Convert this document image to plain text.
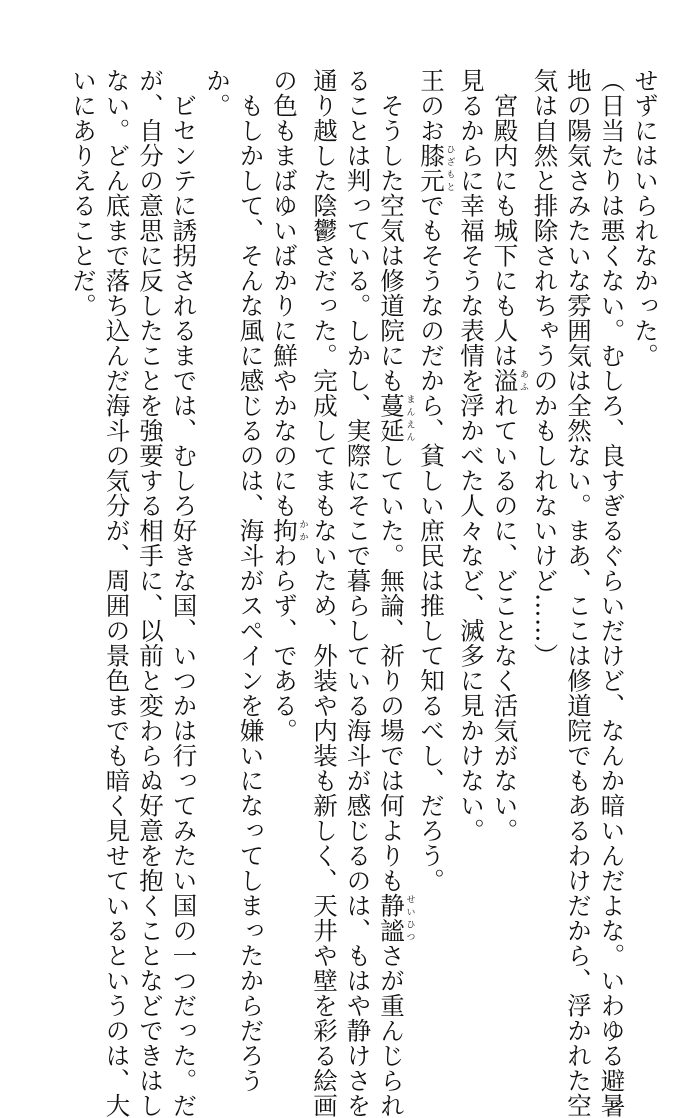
せずにはいられなかった。
（日当たりは悪くない。むしろ、良すぎるぐらいだけど、なんか暗いんだよな。いわゆる避暑
地の陽気さみたいな雰囲気は全然ない。まあ、ここは修道院でもあるわけだから、浮かれた空
気は自然と排除されちゃうのかもしれないけど……）
　宮殿内にも城下にも人は溢あふれているのに、どことなく活気がない。
見るからに幸福そうな表情を浮かべた人々など、滅多に見かけない。
王のお膝元ひざもとでもそうなのだから、貧しい庶民は推して知るべし、だろう。
　そうした空気は修道院にも蔓延まんえんしていた。無論、祈りの場では何よりも静謐せいひつさが重んじられ
ることは判っている。しかし、実際にそこで暮らしている海斗が感じるのは、もはや静けさを
通り越した陰鬱さだった。完成してまもないため、外装や内装も新しく、天井や壁を彩る絵画
の色もまばゆいばかりに鮮やかなのにも拘かかわらず、である。
　もしかして、そんな風に感じるのは、海斗がスペインを嫌いになってしまったからだろう
か。
　ビセンテに誘拐されるまでは、むしろ好きな国、いつかは行ってみたい国の一つだった。だ
が、自分の意思に反したことを強要する相手に、以前と変わらぬ好意を抱くことなどできはし
ない。どん底まで落ち込んだ海斗の気分が、周囲の景色までも暗く見せているというのは、大
いにありえることだ。
